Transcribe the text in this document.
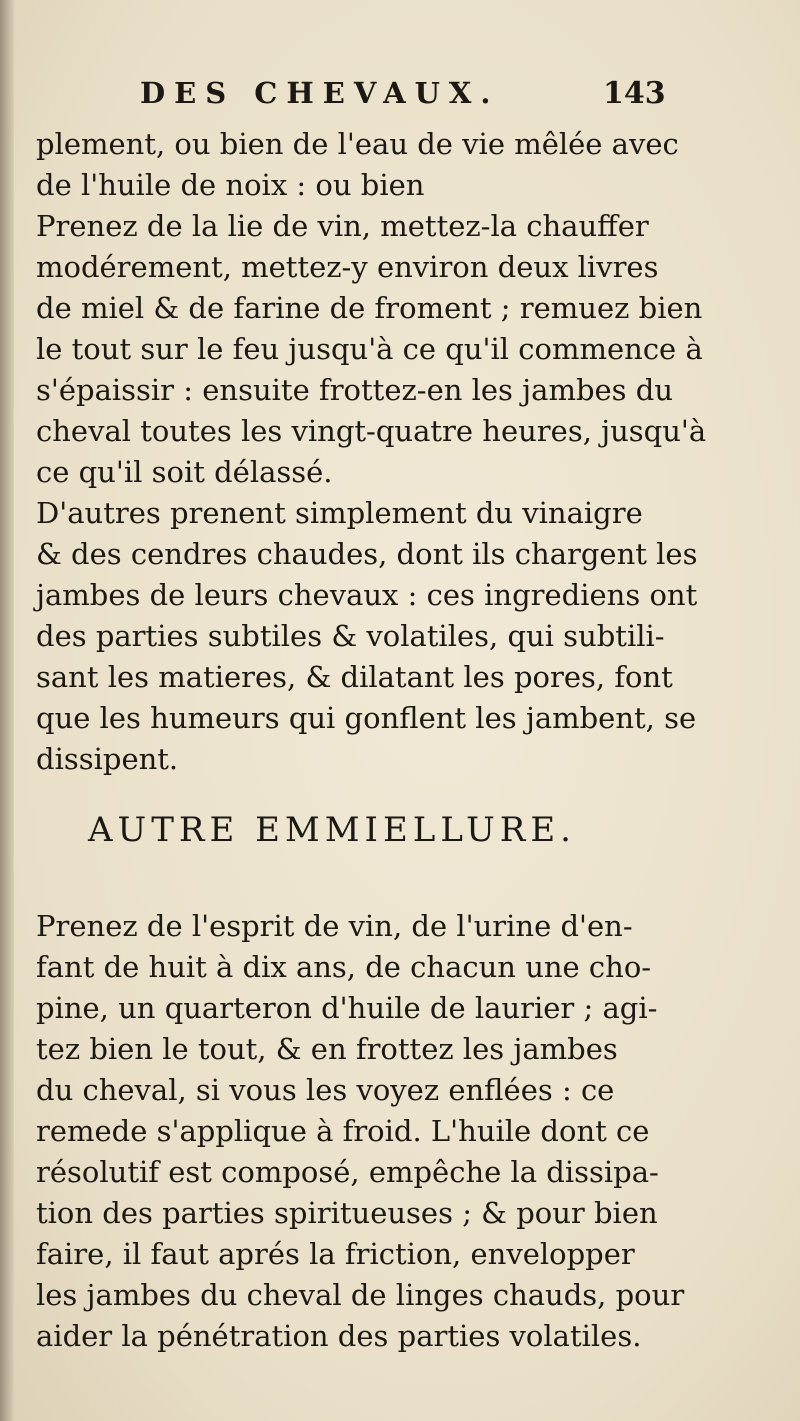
DES CHEVAUX.	143
plement, ou bien de l'eau de vie mêlée avec
de l'huile de noix : ou bien
Prenez de la lie de vin, mettez-la chauffer
modérement, mettez-y environ deux livres
de miel & de farine de froment ; remuez bien
le tout sur le feu jusqu'à ce qu'il commence à
s'épaissir : ensuite frottez-en les jambes du
cheval toutes les vingt-quatre heures, jusqu'à
ce qu'il soit délassé.
D'autres prenent simplement du vinaigre
& des cendres chaudes, dont ils chargent les
jambes de leurs chevaux : ces ingrediens ont
des parties subtiles & volatiles, qui subtili-
sant les matieres, & dilatant les pores, font
que les humeurs qui gonflent les jambent, se
dissipent.
AUTRE EMMIELLURE.
Prenez de l'esprit de vin, de l'urine d'en-
fant de huit à dix ans, de chacun une cho-
pine, un quarteron d'huile de laurier ; agi-
tez bien le tout, & en frottez les jambes
du cheval, si vous les voyez enflées : ce
remede s'applique à froid. L'huile dont ce
résolutif est composé, empêche la dissipa-
tion des parties spiritueuses ; & pour bien
faire, il faut aprés la friction, envelopper
les jambes du cheval de linges chauds, pour
aider la pénétration des parties volatiles.
